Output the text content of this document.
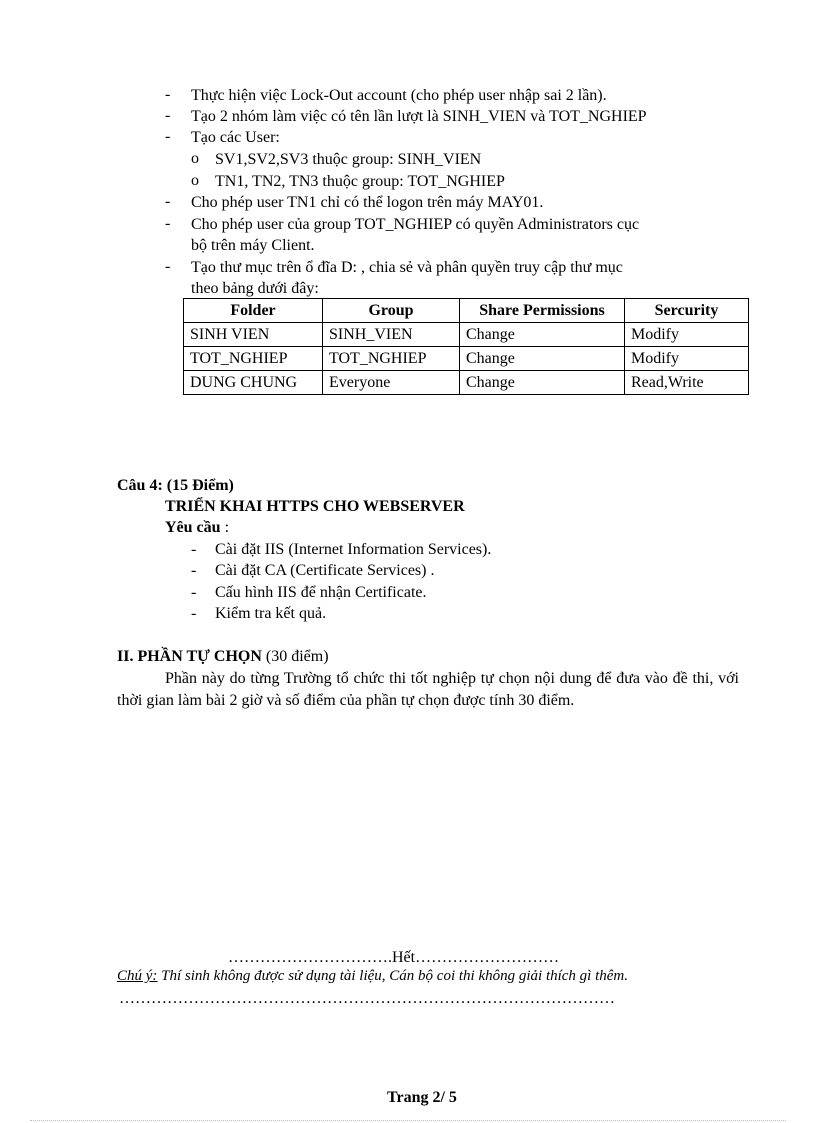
- Thực hiện việc Lock-Out account (cho phép user nhập sai 2 lần).
- Tạo 2 nhóm làm việc có tên lần lượt là SINH_VIEN và TOT_NGHIEP
- Tạo các User:
o SV1,SV2,SV3 thuộc group: SINH_VIEN
o TN1, TN2, TN3 thuộc group: TOT_NGHIEP
- Cho phép user TN1 chỉ có thể logon trên máy MAY01.
- Cho phép user của group TOT_NGHIEP có quyền Administrators cục
bộ trên máy Client.
- Tạo thư mục trên ổ đĩa D: , chia sẻ và phân quyền truy cập thư mục
theo bảng dưới đây:
Folder	Group	Share Permissions	Sercurity
SINH VIEN	SINH_VIEN	Change	Modify
TOT_NGHIEP	TOT_NGHIEP	Change	Modify
DUNG CHUNG	Everyone	Change	Read,Write
Câu 4: (15 Điểm)
TRIỂN KHAI HTTPS CHO WEBSERVER
Yêu cầu :
- Cài đặt IIS (Internet Information Services).
- Cài đặt CA (Certificate Services) .
- Cấu hình IIS để nhận Certificate.
- Kiểm tra kết quả.
II. PHẦN TỰ CHỌN (30 điểm)
Phần này do từng Trường tổ chức thi tốt nghiệp tự chọn nội dung để đưa vào đề thi, với thời gian làm bài 2 giờ và số điểm của phần tự chọn được tính 30 điểm.
………………………….Hết………………………
Chú ý: Thí sinh không được sử dụng tài liệu, Cán bộ coi thi không giải thích gì thêm.
…………………………………………………………………………………
Trang 2/ 5
